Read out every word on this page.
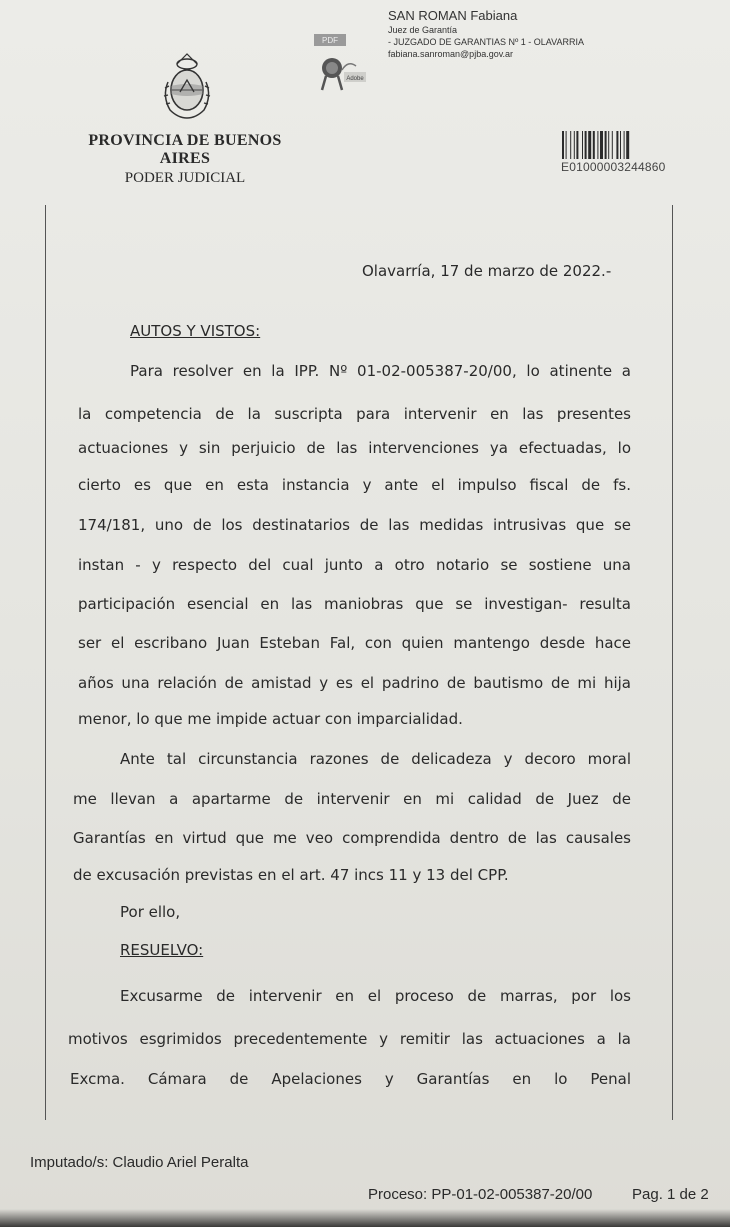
PDF
Adobe
SAN ROMAN Fabiana
Juez de Garantía
- JUZGADO DE GARANTIAS Nº 1 - OLAVARRIA
fabiana.sanroman@pjba.gov.ar
PROVINCIA DE BUENOS AIRES
PODER JUDICIAL
E01000003244860
Olavarría, 17 de marzo de 2022.-
AUTOS Y VISTOS:
Para resolver en la IPP. Nº 01-02-005387-20/00, lo atinente a
la competencia de la suscripta para intervenir en las presentes
actuaciones y sin perjuicio de las intervenciones ya efectuadas, lo
cierto es que en esta instancia y ante el impulso fiscal de fs.
174/181, uno de los destinatarios de las medidas intrusivas que se
instan - y respecto del cual junto a otro notario se sostiene una
participación esencial en las maniobras que se investigan- resulta
ser el escribano Juan Esteban Fal, con quien mantengo desde hace
años una relación de amistad y es el padrino de bautismo de mi hija
menor, lo que me impide actuar con imparcialidad.
Ante tal circunstancia razones de delicadeza y decoro moral
me llevan a apartarme de intervenir en mi calidad de Juez de
Garantías en virtud que me veo comprendida dentro de las causales
de excusación previstas en el art. 47 incs 11 y 13 del CPP.
Por ello,
RESUELVO:
Excusarme de intervenir en el proceso de marras, por los
motivos esgrimidos precedentemente y remitir las actuaciones a la
Excma. Cámara de Apelaciones y Garantías en lo Penal
Imputado/s: Claudio Ariel Peralta
Proceso: PP-01-02-005387-20/00	Pag. 1 de 2
